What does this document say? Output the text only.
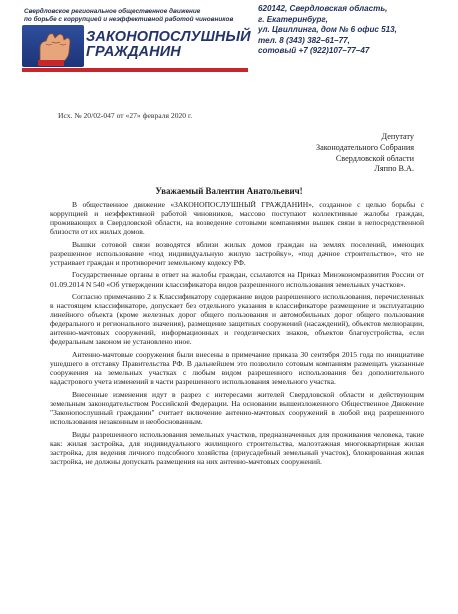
Свердловское региональное общественное движение
по борьбе с коррупцией и неэффективной работой чиновников
ЗАКОНОПОСЛУШНЫЙ
ГРАЖДАНИН
620142, Свердловская область,
г. Екатеринбург,
ул. Цвиллинга, дом № 6 офис 513,
тел. 8 (343) 382–61–77,
сотовый +7 (922)107–77–47
Исх. № 20/02-047 от «27» февраля 2020 г.
Депутату
Законодательного Собрания
Свердловской области
Ляппо В.А.
Уважаемый Валентин Анатольевич!

В общественное движение «ЗАКОНОПОСЛУШНЫЙ ГРАЖДАНИН», созданное с целью борьбы с коррупцией и неэффективной работой чиновников, массово поступают коллективные жалобы граждан, проживающих в Свердловской области, на возведение сотовыми компаниями вышек связи в непосредственной близости от их жилых домов.

Вышки сотовой связи возводятся вблизи жилых домов граждан на землях поселений, имеющих разрешенное использование «под индивидуальную жилую застройку», «под дачное строительство», что не устраивает граждан и противоречит земельному кодексу РФ.

Государственные органы в ответ на жалобы граждан, ссылаются на Приказ Минэкономразвития России от 01.09.2014 N 540 «Об утверждении классификатора видов разрешенного использования земельных участков».

Согласно примечанию 2 к Классификатору содержание видов разрешенного использования, перечисленных в настоящем классификаторе, допускает без отдельного указания в классификаторе размещение и эксплуатацию линейного объекта (кроме железных дорог общего пользования и автомобильных дорог общего пользования федерального и регионального значения), размещение защитных сооружений (насаждений), объектов мелиорации, антенно-мачтовых сооружений, информационных и геодезических знаков, объектов благоустройства, если федеральным законом не установлено иное.

Антенно-мачтовые сооружения были внесены в примечание приказа 30 сентября 2015 года по инициативе ушедшего в отставку Правительства РФ. В дальнейшем это позволило сотовым компаниям размещать указанные сооружения на земельных участках с любым видом разрешенного использования без дополнительного кадастрового учета изменений в части разрешенного использования земельного участка.

Внесенные изменения идут в разрез с интересами жителей Свердловской области и действующим земельным законодательством Российской Федерации. На основании вышеизложенного Общественное Движение "Законопослушный гражданин" считает включение антенно-мачтовых сооружений в любой вид разрешенного использования незаконным и необоснованным.

Виды разрешенного использования земельных участков, предназначенных для проживания человека, такие как: жилая застройка, для индивидуального жилищного строительства, малоэтажная многоквартирная жилая застройка, для ведения личного подсобного хозяйства (приусадебный земельный участок), блокированная жилая застройка, не должны допускать размещения на них антенно-мачтовых сооружений.
